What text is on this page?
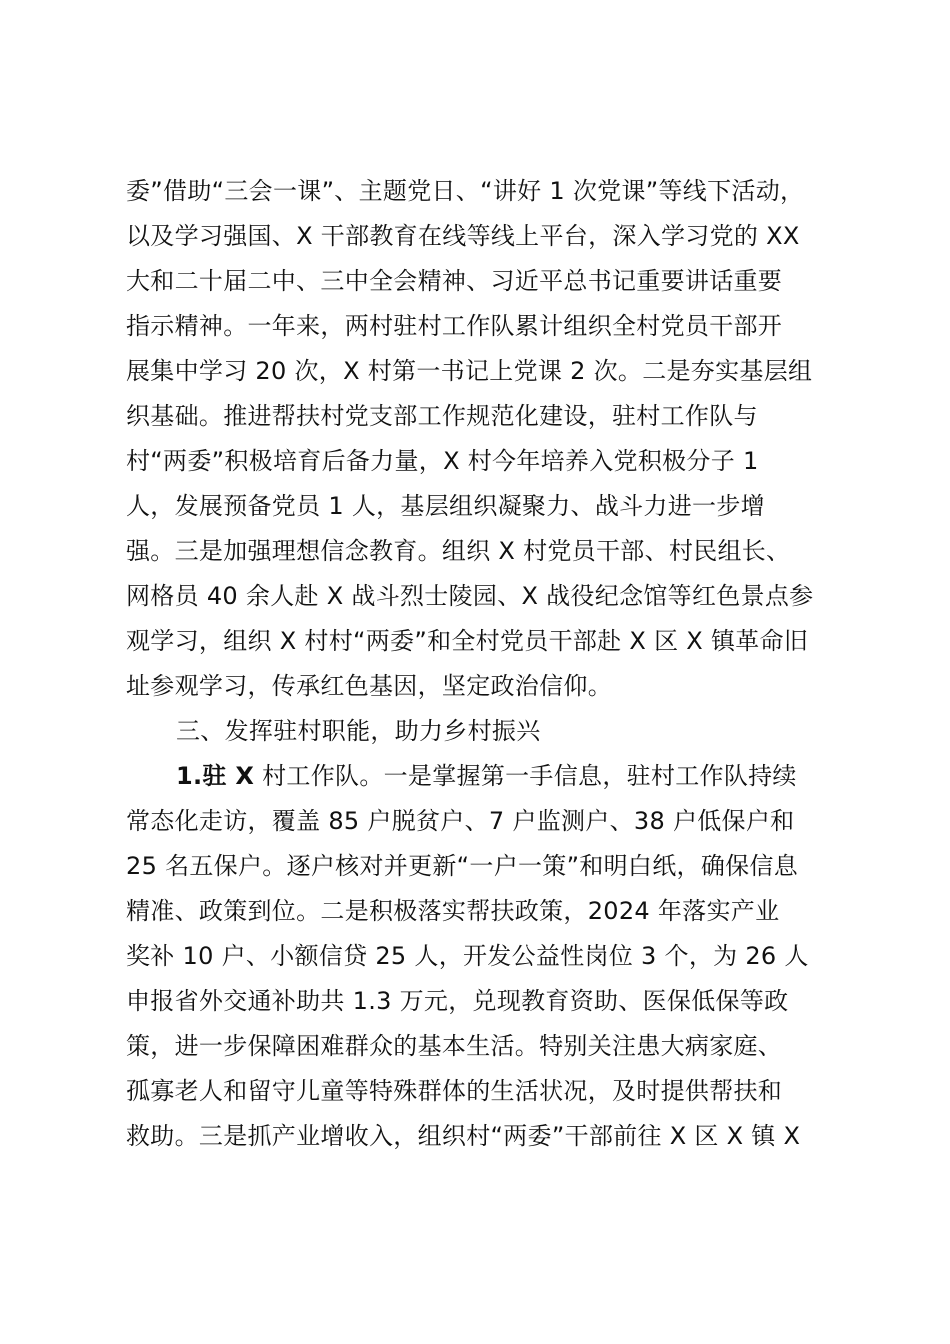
委”借助“三会一课”、主题党日、“讲好 1 次党课”等线下活动，
以及学习强国、X 干部教育在线等线上平台，深入学习党的 XX
大和二十届二中、三中全会精神、习近平总书记重要讲话重要
指示精神。一年来，两村驻村工作队累计组织全村党员干部开
展集中学习 20 次，X 村第一书记上党课 2 次。二是夯实基层组
织基础。推进帮扶村党支部工作规范化建设，驻村工作队与
村“两委”积极培育后备力量，X 村今年培养入党积极分子 1
人，发展预备党员 1 人，基层组织凝聚力、战斗力进一步增
强。三是加强理想信念教育。组织 X 村党员干部、村民组长、
网格员 40 余人赴 X 战斗烈士陵园、X 战役纪念馆等红色景点参
观学习，组织 X 村村“两委”和全村党员干部赴 X 区 X 镇革命旧
址参观学习，传承红色基因，坚定政治信仰。
三、发挥驻村职能，助力乡村振兴
1.驻 X 村工作队。一是掌握第一手信息，驻村工作队持续
常态化走访，覆盖 85 户脱贫户、7 户监测户、38 户低保户和
25 名五保户。逐户核对并更新“一户一策”和明白纸，确保信息
精准、政策到位。二是积极落实帮扶政策，2024 年落实产业
奖补 10 户、小额信贷 25 人，开发公益性岗位 3 个，为 26 人
申报省外交通补助共 1.3 万元，兑现教育资助、医保低保等政
策，进一步保障困难群众的基本生活。特别关注患大病家庭、
孤寡老人和留守儿童等特殊群体的生活状况，及时提供帮扶和
救助。三是抓产业增收入，组织村“两委”干部前往 X 区 X 镇 X
